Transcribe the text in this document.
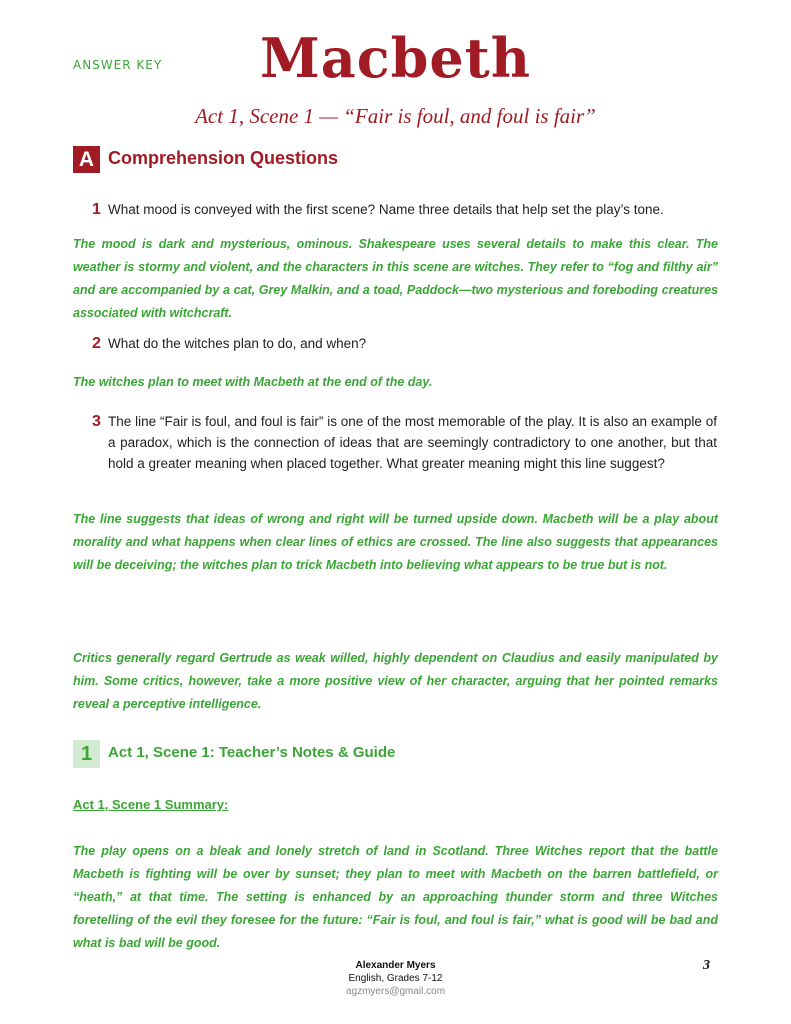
ANSWER KEY	Macbeth
Act 1, Scene 1 — “Fair is foul, and foul is fair”
A Comprehension Questions
1 What mood is conveyed with the first scene? Name three details that help set the play’s tone.
The mood is dark and mysterious, ominous. Shakespeare uses several details to make this clear. The weather is stormy and violent, and the characters in this scene are witches. They refer to “fog and filthy air” and are accompanied by a cat, Grey Malkin, and a toad, Paddock—two mysterious and foreboding creatures associated with witchcraft.
2 What do the witches plan to do, and when?
The witches plan to meet with Macbeth at the end of the day.
3 The line “Fair is foul, and foul is fair” is one of the most memorable of the play. It is also an example of a paradox, which is the connection of ideas that are seemingly contradictory to one another, but that hold a greater meaning when placed together. What greater meaning might this line suggest?
The line suggests that ideas of wrong and right will be turned upside down. Macbeth will be a play about morality and what happens when clear lines of ethics are crossed. The line also suggests that appearances will be deceiving; the witches plan to trick Macbeth into believing what appears to be true but is not.
Critics generally regard Gertrude as weak willed, highly dependent on Claudius and easily manipulated by him. Some critics, however, take a more positive view of her character, arguing that her pointed remarks reveal a perceptive intelligence.
1	Act 1, Scene 1: Teacher’s Notes & Guide
Act 1, Scene 1 Summary:
The play opens on a bleak and lonely stretch of land in Scotland. Three Witches report that the battle Macbeth is fighting will be over by sunset; they plan to meet with Macbeth on the barren battlefield, or “heath,” at that time. The setting is enhanced by an approaching thunder storm and three Witches foretelling of the evil they foresee for the future: “Fair is foul, and foul is fair,” what is good will be bad and what is bad will be good.
Alexander Myers
English, Grades 7-12
agzmyers@gmail.com
3
